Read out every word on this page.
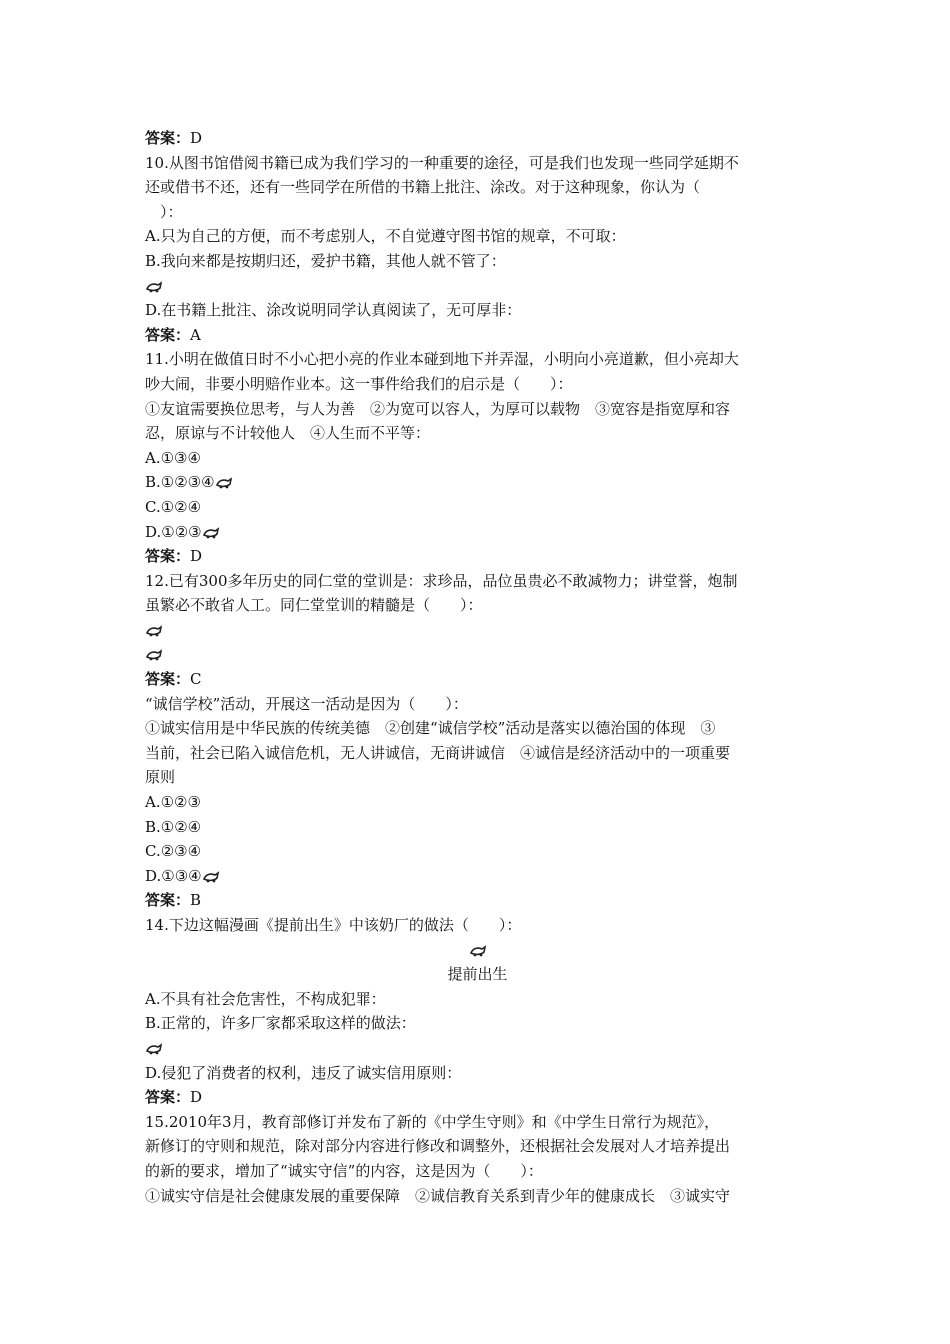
答案：D
10.从图书馆借阅书籍已成为我们学习的一种重要的途径，可是我们也发现一些同学延期不
还或借书不还，还有一些同学在所借的书籍上批注、涂改。对于这种现象，你认为（
　）：
A.只为自己的方便，而不考虑别人，不自觉遵守图书馆的规章，不可取：
B.我向来都是按期归还，爱护书籍，其他人就不管了：
D.在书籍上批注、涂改说明同学认真阅读了，无可厚非：
答案：A
11.小明在做值日时不小心把小亮的作业本碰到地下并弄湿，小明向小亮道歉，但小亮却大
吵大闹，非要小明赔作业本。这一事件给我们的启示是（　　）：
①友谊需要换位思考，与人为善　②为宽可以容人，为厚可以载物　③宽容是指宽厚和容
忍，原谅与不计较他人　④人生而不平等：
A.①③④
B.①②③④
C.①②④
D.①②③
答案：D
12.已有300多年历史的同仁堂的堂训是：求珍品，品位虽贵必不敢减物力；讲堂誉，炮制
虽繁必不敢省人工。同仁堂堂训的精髓是（　　）：
答案：C
“诚信学校”活动，开展这一活动是因为（　　）：
①诚实信用是中华民族的传统美德　②创建“诚信学校”活动是落实以德治国的体现　③
当前，社会已陷入诚信危机，无人讲诚信，无商讲诚信　④诚信是经济活动中的一项重要
原则
A.①②③
B.①②④
C.②③④
D.①③④
答案：B
14.下边这幅漫画《提前出生》中该奶厂的做法（　　）：
提前出生
A.不具有社会危害性，不构成犯罪：
B.正常的，许多厂家都采取这样的做法：
D.侵犯了消费者的权利，违反了诚实信用原则：
答案：D
15.2010年3月，教育部修订并发布了新的《中学生守则》和《中学生日常行为规范》，
新修订的守则和规范，除对部分内容进行修改和调整外，还根据社会发展对人才培养提出
的新的要求，增加了“诚实守信”的内容，这是因为（　　）：
①诚实守信是社会健康发展的重要保障　②诚信教育关系到青少年的健康成长　③诚实守
